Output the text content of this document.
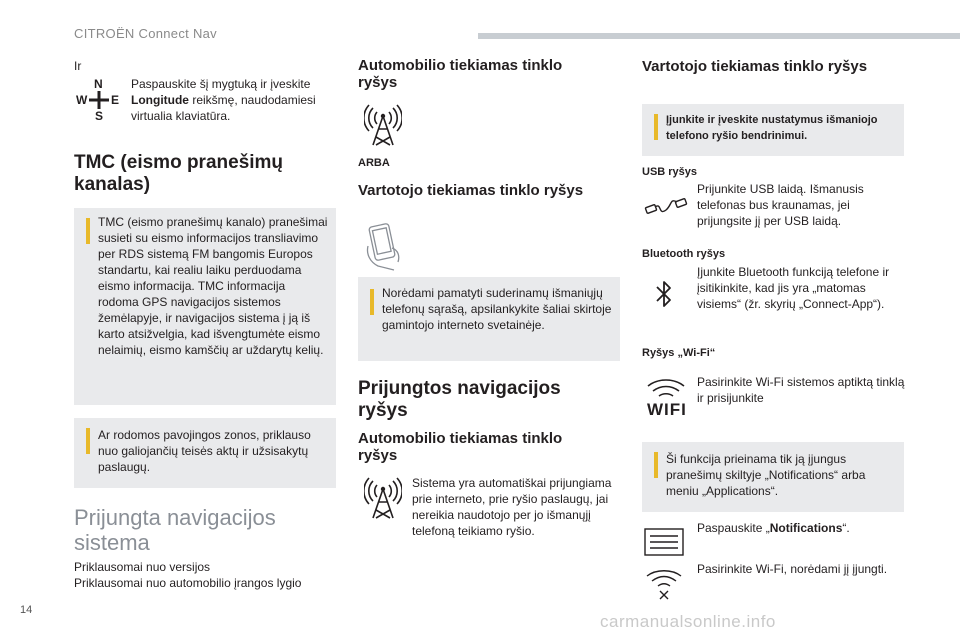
CITROËN Connect Nav
Ir
N
W E
S
Paspauskite šį mygtuką ir įveskite Longitude reikšmę, naudodamiesi virtualia klaviatūra.
TMC (eismo pranešimų kanalas)
TMC (eismo pranešimų kanalo) pranešimai susieti su eismo informacijos transliavimo per RDS sistemą FM bangomis Europos standartu, kai realiu laiku perduodama eismo informacija. TMC informacija rodoma GPS navigacijos sistemos žemėlapyje, ir navigacijos sistema į ją iš karto atsižvelgia, kad išvengtumėte eismo nelaimių, eismo kamščių ar uždarytų kelių.
Ar rodomos pavojingos zonos, priklauso nuo galiojančių teisės aktų ir užsisakytų paslaugų.
Prijungta navigacijos sistema
Priklausomai nuo versijos
Priklausomai nuo automobilio įrangos lygio
Automobilio tiekiamas tinklo ryšys
ARBA
Vartotojo tiekiamas tinklo ryšys
Norėdami pamatyti suderinamų išmaniųjų telefonų sąrašą, apsilankykite šaliai skirtoje gamintojo interneto svetainėje.
Prijungtos navigacijos ryšys
Automobilio tiekiamas tinklo ryšys
Sistema yra automatiškai prijungiama prie interneto, prie ryšio paslaugų, jai nereikia naudotojo per jo išmanųjį telefoną teikiamo ryšio.
Vartotojo tiekiamas tinklo ryšys
Įjunkite ir įveskite nustatymus išmaniojo telefono ryšio bendrinimui.
USB ryšys
Prijunkite USB laidą. Išmanusis telefonas bus kraunamas, jei prijungsite jį per USB laidą.
Bluetooth ryšys
Įjunkite Bluetooth funkciją telefone ir įsitikinkite, kad jis yra „matomas visiems“ (žr. skyrių „Connect-App“).
Ryšys „Wi-Fi“
WIFI
Pasirinkite Wi-Fi sistemos aptiktą tinklą ir prisijunkite
Ši funkcija prieinama tik ją įjungus pranešimų skiltyje „Notifications“ arba meniu „Applications“.
Paspauskite „Notifications“.
Pasirinkite Wi-Fi, norėdami jį įjungti.
14
carmanualsonline.info
